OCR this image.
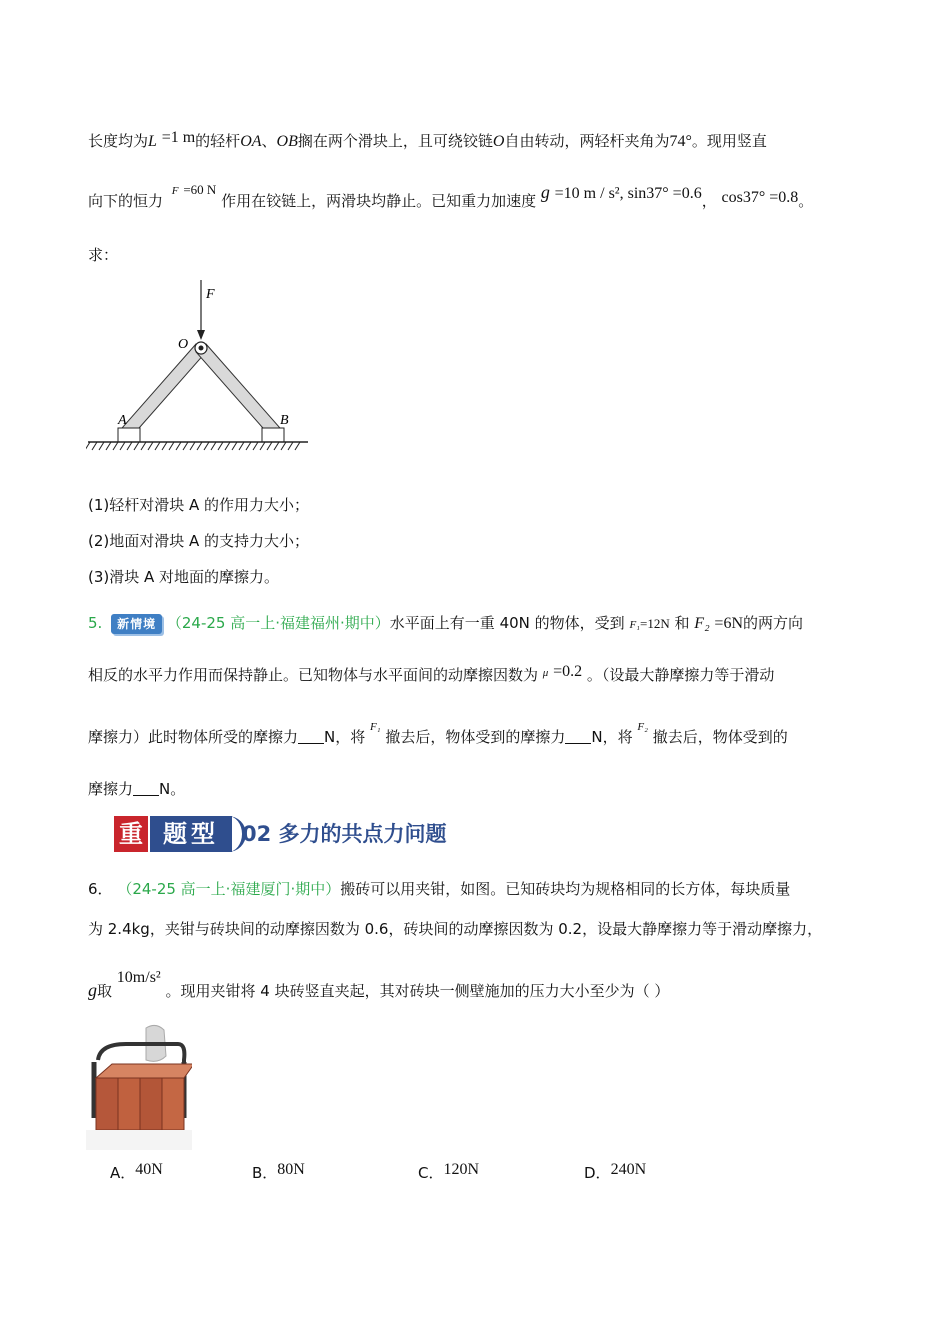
长度均为L =1 m的轻杆OA、OB搁在两个滑块上，且可绕铰链O自由转动，两轻杆夹角为74°。现用竖直
向下的恒力 $^F$ =60 N 作用在铰链上，两滑块均静止。已知重力加速度 g =10 m / s², sin37° =0.6， cos37° =0.8。
求：
F
O
A	B
(1)轻杆对滑块 A 的作用力大小；
(2)地面对滑块 A 的支持力大小；
(3)滑块 A 对地面的摩擦力。
5. 新情境 （24-25 高一上·福建福州·期中）水平面上有一重 40N 的物体，受到 F₁=12N 和 F₂ =6N的两方向
相反的水平力作用而保持静止。已知物体与水平面间的动摩擦因数为 $^\mu$ =0.2 。（设最大静摩擦力等于滑动
摩擦力）此时物体所受的摩擦力 N，将 $^{F_1}$ 撤去后，物体受到的摩擦力 N，将 $^{F_2}$ 撤去后，物体受到的
摩擦力 N。
重 题型	02 多力的共点力问题
6． （24-25 高一上·福建厦门·期中）搬砖可以用夹钳，如图。已知砖块均为规格相同的长方体，每块质量
为 2.4kg，夹钳与砖块间的动摩擦因数为 0.6，砖块间的动摩擦因数为 0.2，设最大静摩擦力等于滑动摩擦力，
g取 10m/s² 。现用夹钳将 4 块砖竖直夹起，其对砖块一侧壁施加的压力大小至少为（ ）
A．40N	B．80N	C．120N	D．240N
